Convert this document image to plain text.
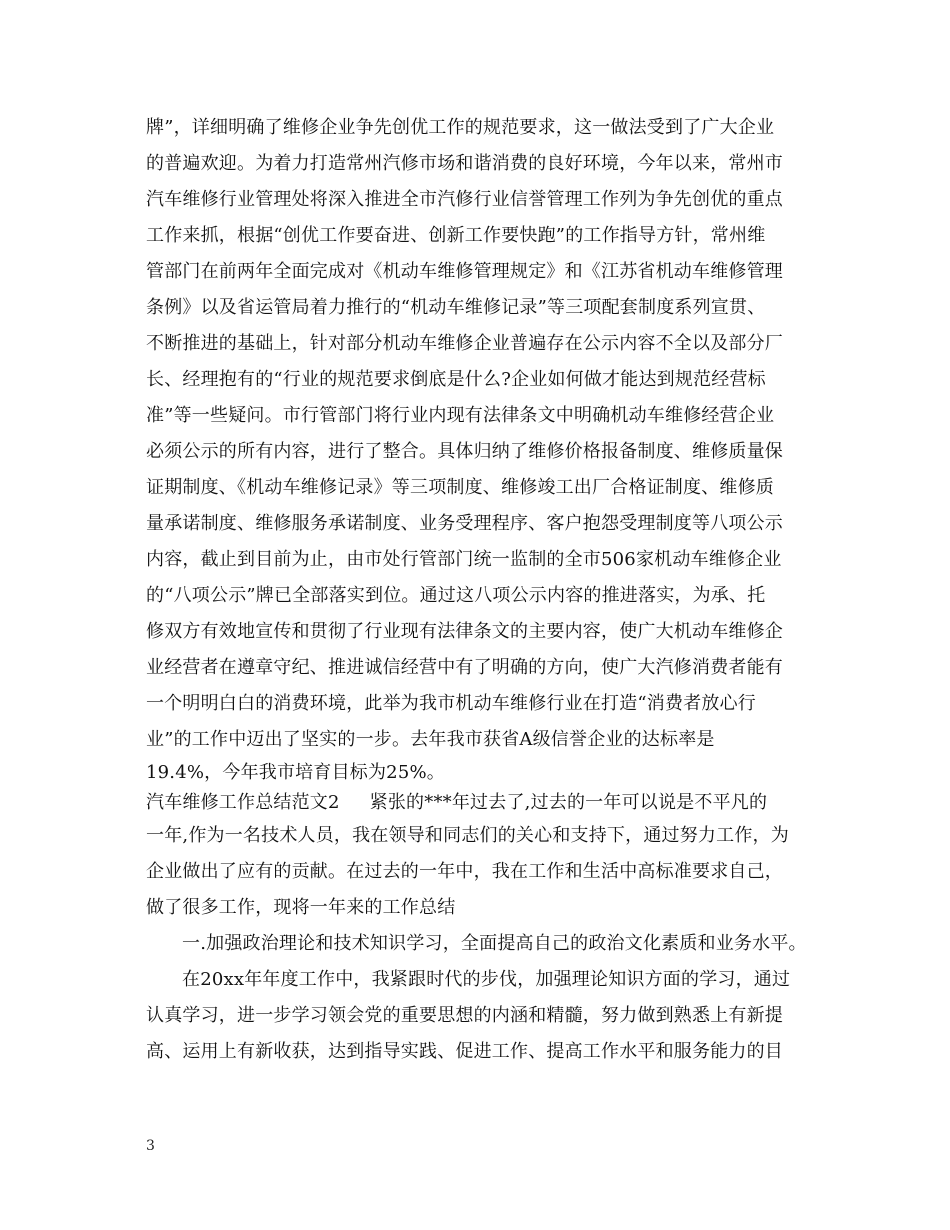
牌”，详细明确了维修企业争先创优工作的规范要求，这一做法受到了广大企业
的普遍欢迎。为着力打造常州汽修市场和谐消费的良好环境，今年以来，常州市
汽车维修行业管理处将深入推进全市汽修行业信誉管理工作列为争先创优的重点
工作来抓，根据“创优工作要奋进、创新工作要快跑”的工作指导方针，常州维
管部门在前两年全面完成对《机动车维修管理规定》和《江苏省机动车维修管理
条例》以及省运管局着力推行的“机动车维修记录”等三项配套制度系列宣贯、
不断推进的基础上，针对部分机动车维修企业普遍存在公示内容不全以及部分厂
长、经理抱有的“行业的规范要求倒底是什么?企业如何做才能达到规范经营标
准”等一些疑问。市行管部门将行业内现有法律条文中明确机动车维修经营企业
必须公示的所有内容，进行了整合。具体归纳了维修价格报备制度、维修质量保
证期制度、《机动车维修记录》等三项制度、维修竣工出厂合格证制度、维修质
量承诺制度、维修服务承诺制度、业务受理程序、客户抱怨受理制度等八项公示
内容，截止到目前为止，由市处行管部门统一监制的全市506家机动车维修企业
的“八项公示”牌已全部落实到位。通过这八项公示内容的推进落实，为承、托
修双方有效地宣传和贯彻了行业现有法律条文的主要内容，使广大机动车维修企
业经营者在遵章守纪、推进诚信经营中有了明确的方向，使广大汽修消费者能有
一个明明白白的消费环境，此举为我市机动车维修行业在打造“消费者放心行
业”的工作中迈出了坚实的一步。去年我市获省A级信誉企业的达标率是
19.4%，今年我市培育目标为25%。
汽车维修工作总结范文2 紧张的***年过去了,过去的一年可以说是不平凡的
一年,作为一名技术人员，我在领导和同志们的关心和支持下，通过努力工作，为
企业做出了应有的贡献。在过去的一年中，我在工作和生活中高标准要求自己，
做了很多工作，现将一年来的工作总结
一.加强政治理论和技术知识学习，全面提高自己的政治文化素质和业务水平。
在20xx年年度工作中，我紧跟时代的步伐，加强理论知识方面的学习，通过
认真学习，进一步学习领会党的重要思想的内涵和精髓，努力做到熟悉上有新提
高、运用上有新收获，达到指导实践、促进工作、提高工作水平和服务能力的目
3
